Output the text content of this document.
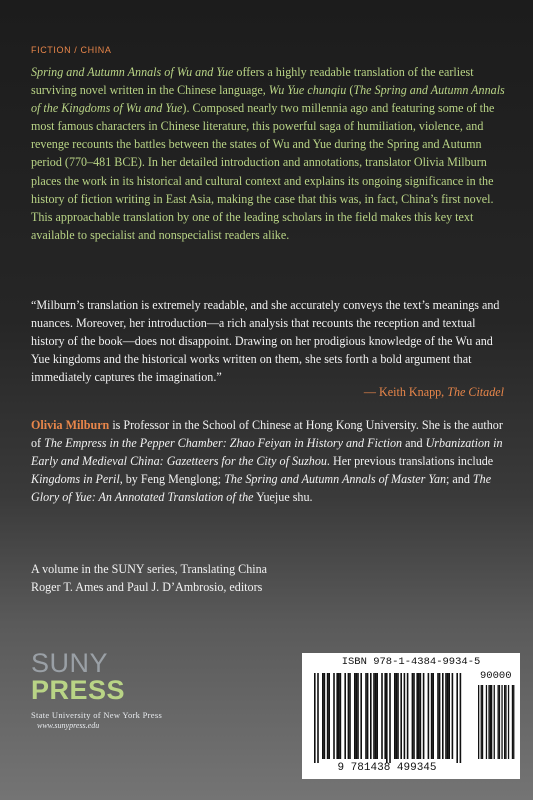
FICTION / CHINA

Spring and Autumn Annals of Wu and Yue offers a highly readable translation of the earliest surviving novel written in the Chinese language, Wu Yue chunqiu (The Spring and Autumn Annals of the Kingdoms of Wu and Yue). Composed nearly two millennia ago and featuring some of the most famous characters in Chinese literature, this powerful saga of humiliation, violence, and revenge recounts the battles between the states of Wu and Yue during the Spring and Autumn period (770–481 BCE). In her detailed introduction and annotations, translator Olivia Milburn places the work in its historical and cultural context and explains its ongoing significance in the history of fiction writing in East Asia, making the case that this was, in fact, China’s first novel. This approachable translation by one of the leading scholars in the field makes this key text available to specialist and nonspecialist readers alike.

“Milburn’s translation is extremely readable, and she accurately conveys the text’s meanings and nuances. Moreover, her introduction—a rich analysis that recounts the reception and textual history of the book—does not disappoint. Drawing on her prodigious knowledge of the Wu and Yue kingdoms and the historical works written on them, she sets forth a bold argument that immediately captures the imagination.”

— Keith Knapp, The Citadel

Olivia Milburn is Professor in the School of Chinese at Hong Kong University. She is the author of The Empress in the Pepper Chamber: Zhao Feiyan in History and Fiction and Urbanization in Early and Medieval China: Gazetteers for the City of Suzhou. Her previous translations include Kingdoms in Peril, by Feng Menglong; The Spring and Autumn Annals of Master Yan; and The Glory of Yue: An Annotated Translation of the Yuejue shu.

A volume in the SUNY series, Translating China
Roger T. Ames and Paul J. D’Ambrosio, editors
SUNY
PRESS
State University of New York Press
www.sunypress.edu
ISBN 978-1-4384-9934-5
90000
9 781438 499345
